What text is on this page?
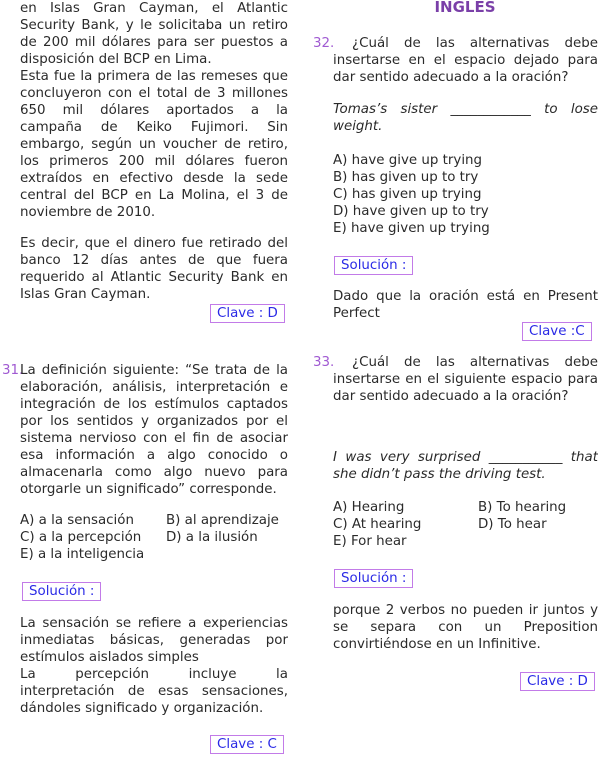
en Islas Gran Cayman, el Atlantic
Security Bank, y le solicitaba un retiro
de 200 mil dólares para ser puestos a
disposición del BCP en Lima.
Esta fue la primera de las remeses que
concluyeron con el total de 3 millones
650 mil dólares aportados a la
campaña de Keiko Fujimori. Sin
embargo, según un voucher de retiro,
los primeros 200 mil dólares fueron
extraídos en efectivo desde la sede
central del BCP en La Molina, el 3 de
noviembre de 2010.
Es decir, que el dinero fue retirado del
banco 12 días antes de que fuera
requerido al Atlantic Security Bank en
Islas Gran Cayman.
Clave : D
31.
La definición siguiente: “Se trata de la
elaboración, análisis, interpretación e
integración de los estímulos captados
por los sentidos y organizados por el
sistema nervioso con el fin de asociar
esa información a algo conocido o
almacenarla como algo nuevo para
otorgarle un significado” corresponde.
A) a la sensación B) al aprendizaje
C) a la percepción D) a la ilusión
E) a la inteligencia
Solución :
La sensación se refiere a experiencias
inmediatas básicas, generadas por
estímulos aislados simples
La percepción incluye la
interpretación de esas sensaciones,
dándoles significado y organización.
Clave : C
INGLES
32.	¿Cuál de las alternativas debe
insertarse en el espacio dejado para
dar sentido adecuado a la oración?
Tomas’s sister ____________ to lose
weight.
A) have give up trying
B) has given up to try
C) has given up trying
D) have given up to try
E) have given up trying
Solución :
Dado que la oración está en Present
Perfect
Clave :C
33.	¿Cuál de las alternativas debe
insertarse en el siguiente espacio para
dar sentido adecuado a la oración?
I was very surprised ___________ that
she didn’t pass the driving test.
A) Hearing	B) To hearing
C) At hearing	D) To hear
E) For hear
Solución :
porque 2 verbos no pueden ir juntos y
se separa con un Preposition
convirtiéndose en un Infinitive.
Clave : D
